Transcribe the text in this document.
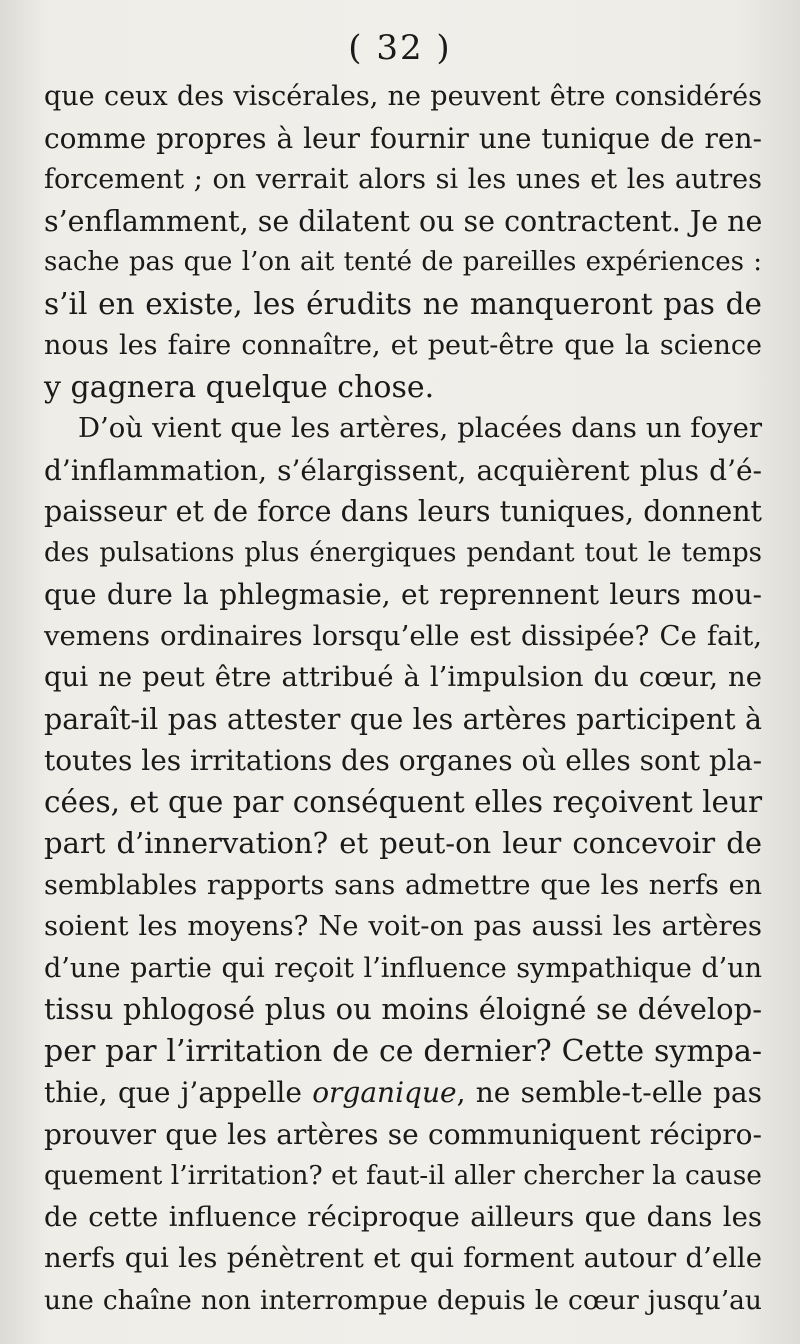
( 32 )
que ceux des viscérales, ne peuvent être considérés
comme propres à leur fournir une tunique de ren-
forcement ; on verrait alors si les unes et les autres
s’enflamment, se dilatent ou se contractent. Je ne
sache pas que l’on ait tenté de pareilles expériences :
s’il en existe, les érudits ne manqueront pas de
nous les faire connaître, et peut-être que la science
y gagnera quelque chose.
D’où vient que les artères, placées dans un foyer
d’inflammation, s’élargissent, acquièrent plus d’é-
paisseur et de force dans leurs tuniques, donnent
des pulsations plus énergiques pendant tout le temps
que dure la phlegmasie, et reprennent leurs mou-
vemens ordinaires lorsqu’elle est dissipée? Ce fait,
qui ne peut être attribué à l’impulsion du cœur, ne
paraît-il pas attester que les artères participent à
toutes les irritations des organes où elles sont pla-
cées, et que par conséquent elles reçoivent leur
part d’innervation? et peut-on leur concevoir de
semblables rapports sans admettre que les nerfs en
soient les moyens? Ne voit-on pas aussi les artères
d’une partie qui reçoit l’influence sympathique d’un
tissu phlogosé plus ou moins éloigné se dévelop-
per par l’irritation de ce dernier? Cette sympa-
thie, que j’appelle organique, ne semble-t-elle pas
prouver que les artères se communiquent récipro-
quement l’irritation? et faut-il aller chercher la cause
de cette influence réciproque ailleurs que dans les
nerfs qui les pénètrent et qui forment autour d’elle
une chaîne non interrompue depuis le cœur jusqu’au
